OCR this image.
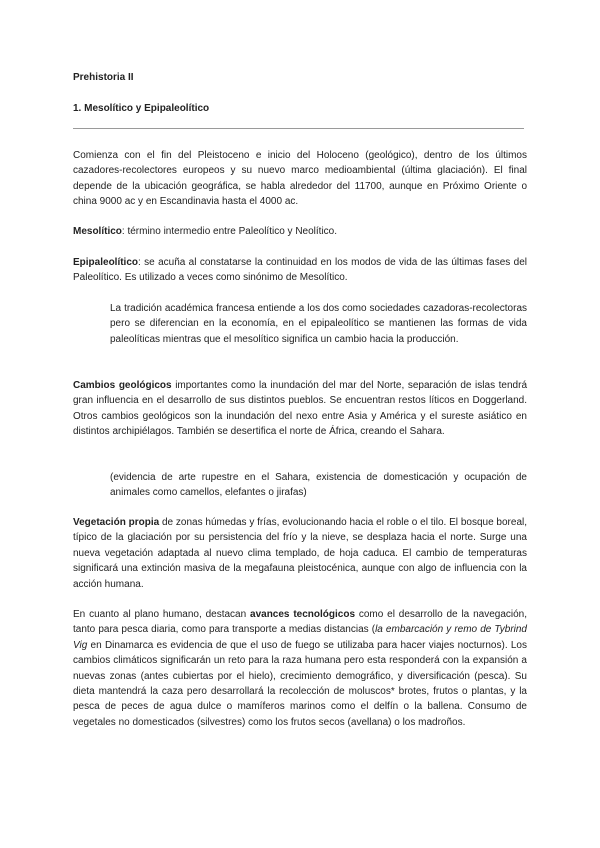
Prehistoria II
1. Mesolítico y Epipaleolítico

Comienza con el fin del Pleistoceno e inicio del Holoceno (geológico), dentro de los últimos cazadores-recolectores europeos y su nuevo marco medioambiental (última glaciación). El final depende de la ubicación geográfica, se habla alrededor del 11700, aunque en Próximo Oriente o china 9000 ac y en Escandinavia hasta el 4000 ac.

Mesolítico: término intermedio entre Paleolítico y Neolítico.

Epipaleolítico: se acuña al constatarse la continuidad en los modos de vida de las últimas fases del Paleolítico. Es utilizado a veces como sinónimo de Mesolítico.

La tradición académica francesa entiende a los dos como sociedades cazadoras-recolectoras pero se diferencian en la economía, en el epipaleolítico se mantienen las formas de vida paleolíticas mientras que el mesolítico significa un cambio hacia la producción.

Cambios geológicos importantes como la inundación del mar del Norte, separación de islas tendrá gran influencia en el desarrollo de sus distintos pueblos. Se encuentran restos líticos en Doggerland. Otros cambios geológicos son la inundación del nexo entre Asia y América y el sureste asiático en distintos archipiélagos. También se desertifica el norte de África, creando el Sahara.

(evidencia de arte rupestre en el Sahara, existencia de domesticación y ocupación de animales como camellos, elefantes o jirafas)

Vegetación propia de zonas húmedas y frías, evolucionando hacia el roble o el tilo. El bosque boreal, típico de la glaciación por su persistencia del frío y la nieve, se desplaza hacia el norte. Surge una nueva vegetación adaptada al nuevo clima templado, de hoja caduca. El cambio de temperaturas significará una extinción masiva de la megafauna pleistocénica, aunque con algo de influencia con la acción humana.

En cuanto al plano humano, destacan avances tecnológicos como el desarrollo de la navegación, tanto para pesca diaria, como para transporte a medias distancias (la embarcación y remo de Tybrind Vig en Dinamarca es evidencia de que el uso de fuego se utilizaba para hacer viajes nocturnos). Los cambios climáticos significarán un reto para la raza humana pero esta responderá con la expansión a nuevas zonas (antes cubiertas por el hielo), crecimiento demográfico, y diversificación (pesca). Su dieta mantendrá la caza pero desarrollará la recolección de moluscos* brotes, frutos o plantas, y la pesca de peces de agua dulce o mamíferos marinos como el delfín o la ballena. Consumo de vegetales no domesticados (silvestres) como los frutos secos (avellana) o los madroños.
